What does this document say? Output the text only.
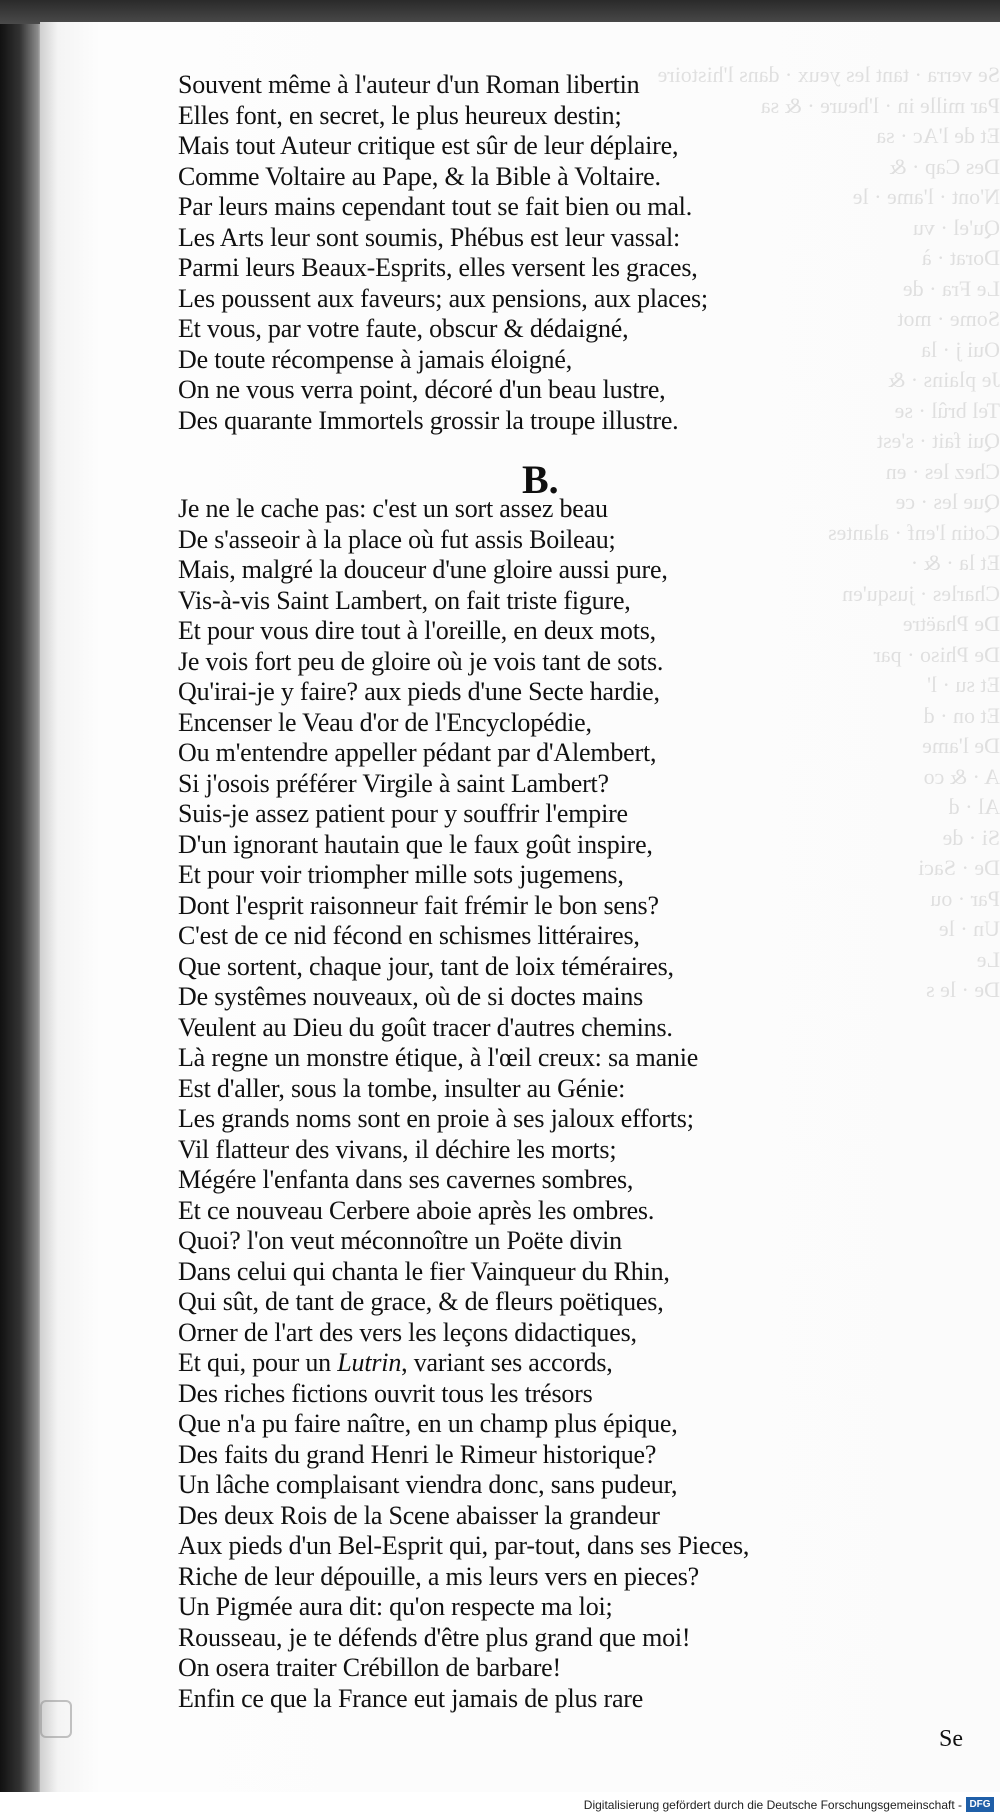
Se verra · tant les yeux
Par mille in · l'heure ·
Et de l'Ac · sa
Des Cap · &
N'ont · l'ame · le
Qu'el · vu
Dorat · à
Le Fra · de
Some · mot
Oui j · la
Je plains · &
Tel brûl · se
Qui fait · s'est
Chez les · en
Que les · ce
Cotin l'enf · alantes
Et la · & ·
Charles · jusqu'en
De Phaëtre
De Phiso · par
Et su · l'
Et on · d
De l'ame
A · & co
Al · d
Si · de
De · Saci
Par · ou
Un · le
Le
De · le s
Souvent même à l'auteur d'un Roman libertin
Elles font, en secret, le plus heureux destin;
Mais tout Auteur critique est sûr de leur déplaire,
Comme Voltaire au Pape, & la Bible à Voltaire.
Par leurs mains cependant tout se fait bien ou mal.
Les Arts leur sont soumis, Phébus est leur vassal:
Parmi leurs Beaux-Esprits, elles versent les graces,
Les poussent aux faveurs; aux pensions, aux places;
Et vous, par votre faute, obscur & dédaigné,
De toute récompense à jamais éloigné,
On ne vous verra point, décoré d'un beau lustre,
Des quarante Immortels grossir la troupe illustre.
B.
Je ne le cache pas: c'est un sort assez beau
De s'asseoir à la place où fut assis Boileau;
Mais, malgré la douceur d'une gloire aussi pure,
Vis-à-vis Saint Lambert, on fait triste figure,
Et pour vous dire tout à l'oreille, en deux mots,
Je vois fort peu de gloire où je vois tant de sots.
Qu'irai-je y faire? aux pieds d'une Secte hardie,
Encenser le Veau d'or de l'Encyclopédie,
Ou m'entendre appeller pédant par d'Alembert,
Si j'osois préférer Virgile à saint Lambert?
Suis-je assez patient pour y souffrir l'empire
D'un ignorant hautain que le faux goût inspire,
Et pour voir triompher mille sots jugemens,
Dont l'esprit raisonneur fait frémir le bon sens?
C'est de ce nid fécond en schismes littéraires,
Que sortent, chaque jour, tant de loix téméraires,
De systêmes nouveaux, où de si doctes mains
Veulent au Dieu du goût tracer d'autres chemins.
Là regne un monstre étique, à l'œil creux: sa manie
Est d'aller, sous la tombe, insulter au Génie:
Les grands noms sont en proie à ses jaloux efforts;
Vil flatteur des vivans, il déchire les morts;
Mégére l'enfanta dans ses cavernes sombres,
Et ce nouveau Cerbere aboie après les ombres.
Quoi? l'on veut méconnoître un Poëte divin
Dans celui qui chanta le fier Vainqueur du Rhin,
Qui sût, de tant de grace, & de fleurs poëtiques,
Orner de l'art des vers les leçons didactiques,
Et qui, pour un Lutrin, variant ses accords,
Des riches fictions ouvrit tous les trésors
Que n'a pu faire naître, en un champ plus épique,
Des faits du grand Henri le Rimeur historique?
Un lâche complaisant viendra donc, sans pudeur,
Des deux Rois de la Scene abaisser la grandeur
Aux pieds d'un Bel-Esprit qui, par-tout, dans ses Pieces,
Riche de leur dépouille, a mis leurs vers en pieces?
Un Pigmée aura dit: qu'on respecte ma loi;
Rousseau, je te défends d'être plus grand que moi!
On osera traiter Crébillon de barbare!
Enfin ce que la France eut jamais de plus rare
Se
Digitalisierung gefördert durch die Deutsche Forschungsgemeinschaft - DFG
